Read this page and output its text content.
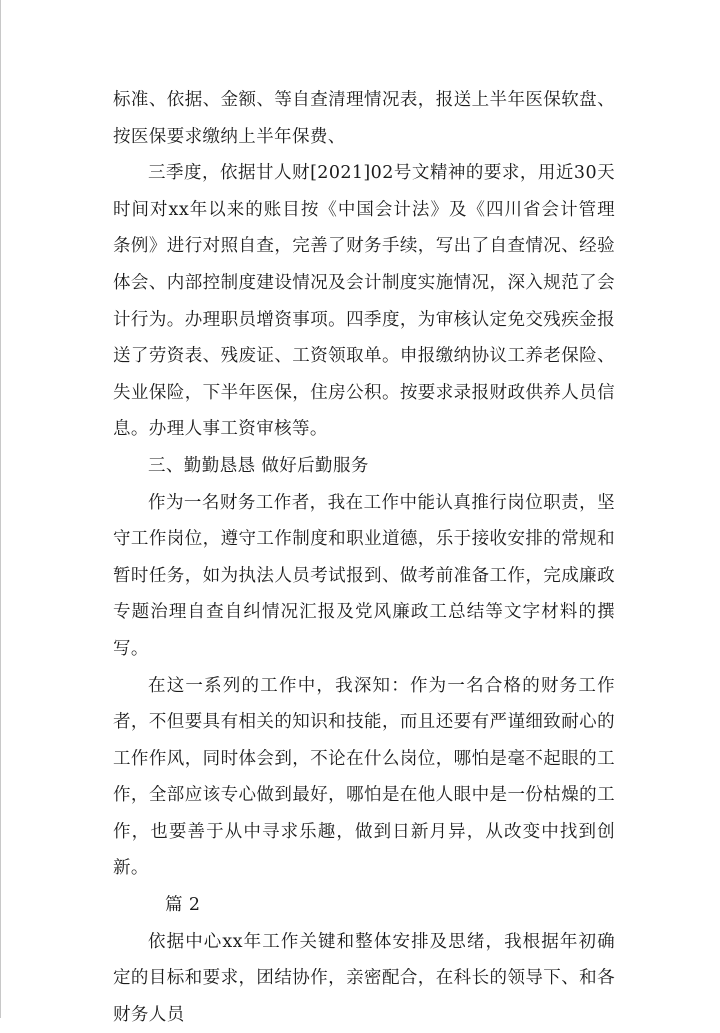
标准、依据、金额、等自查清理情况表，报送上半年医保软盘、按医保要求缴纳上半年保费、

三季度，依据甘人财[2021]02号文精神的要求，用近30天时间对xx年以来的账目按《中国会计法》及《四川省会计管理条例》进行对照自查，完善了财务手续，写出了自查情况、经验体会、内部控制度建设情况及会计制度实施情况，深入规范了会计行为。办理职员增资事项。四季度，为审核认定免交残疾金报送了劳资表、残废证、工资领取单。申报缴纳协议工养老保险、失业保险，下半年医保，住房公积。按要求录报财政供养人员信息。办理人事工资审核等。

三、勤勤恳恳 做好后勤服务

作为一名财务工作者，我在工作中能认真推行岗位职责，坚守工作岗位，遵守工作制度和职业道德，乐于接收安排的常规和暂时任务，如为执法人员考试报到、做考前准备工作，完成廉政专题治理自查自纠情况汇报及党风廉政工总结等文字材料的撰写。

在这一系列的工作中，我深知：作为一名合格的财务工作者，不但要具有相关的知识和技能，而且还要有严谨细致耐心的工作作风，同时体会到，不论在什么岗位，哪怕是毫不起眼的工作，全部应该专心做到最好，哪怕是在他人眼中是一份枯燥的工作，也要善于从中寻求乐趣，做到日新月异，从改变中找到创新。

篇 2

依据中心xx年工作关键和整体安排及思绪，我根据年初确定的目标和要求，团结协作，亲密配合，在科长的领导下、和各财务人员
